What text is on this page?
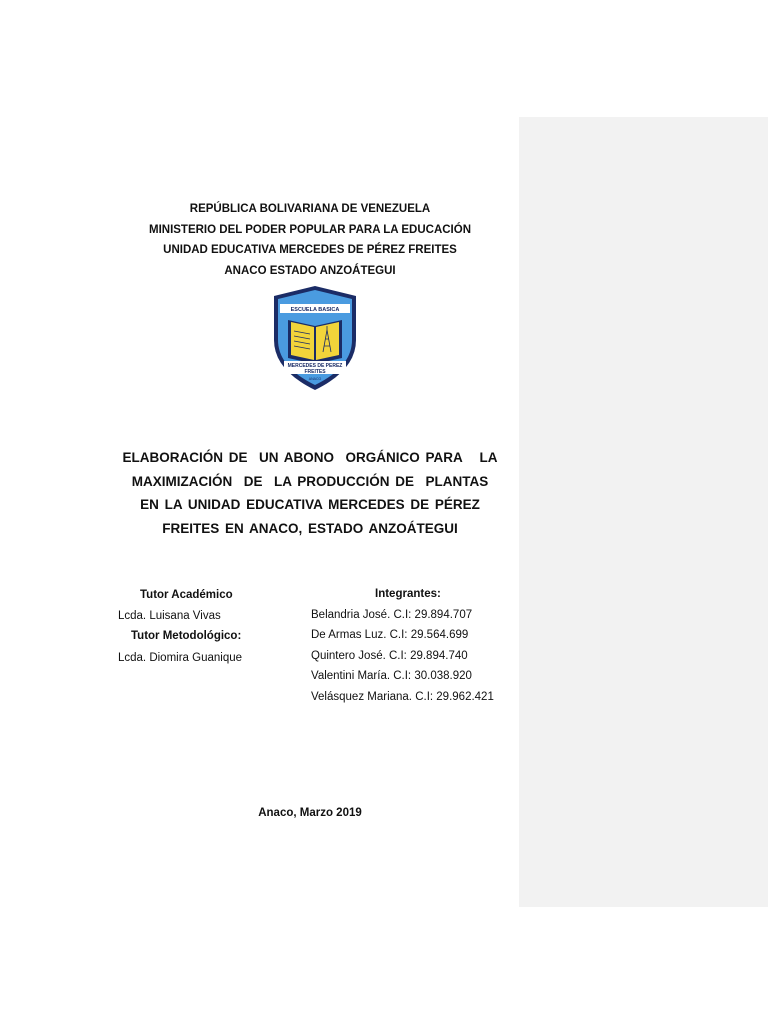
REPÚBLICA BOLIVARIANA DE VENEZUELA
MINISTERIO DEL PODER POPULAR PARA LA EDUCACIÓN
UNIDAD EDUCATIVA MERCEDES DE PÉREZ FREITES
ANACO ESTADO ANZOÁTEGUI
ESCUELA BASICA
MERCEDES DE PEREZ
FREITES
ANACO
ELABORACIÓN DE  UN ABONO  ORGÁNICO PARA   LA
MAXIMIZACIÓN  DE  LA PRODUCCIÓN DE  PLANTAS
EN LA UNIDAD EDUCATIVA MERCEDES DE PÉREZ
FREITES EN ANACO, ESTADO ANZOÁTEGUI
Tutor Académico
Lcda. Luisana Vivas
Tutor Metodológico:
Lcda. Diomira Guanique
Integrantes:
Belandria José. C.I: 29.894.707
De Armas Luz. C.I: 29.564.699
Quintero José. C.I: 29.894.740
Valentini María. C.I: 30.038.920
Velásquez Mariana. C.I: 29.962.421
Anaco, Marzo 2019
